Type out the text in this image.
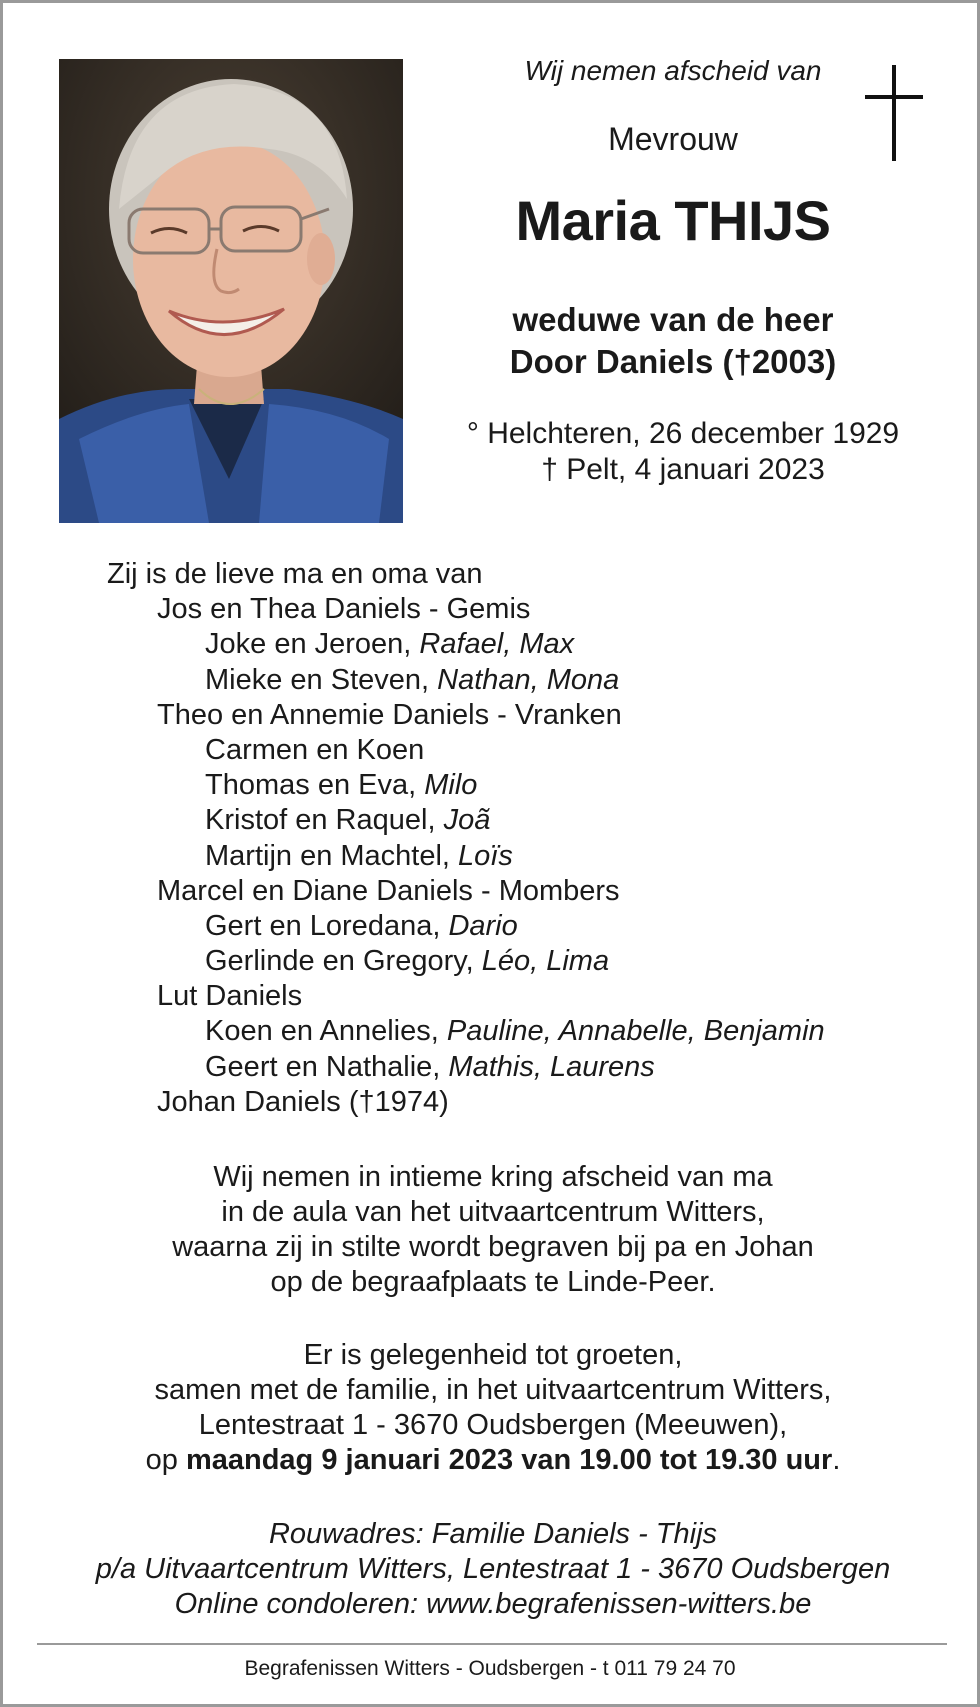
Wij nemen afscheid van
Mevrouw
Maria THIJS
weduwe van de heer
Door Daniels (†2003)
° Helchteren, 26 december 1929
† Pelt, 4 januari 2023
Zij is de lieve ma en oma van
Jos en Thea Daniels - Gemis
Joke en Jeroen, Rafael, Max
Mieke en Steven, Nathan, Mona
Theo en Annemie Daniels - Vranken
Carmen en Koen
Thomas en Eva, Milo
Kristof en Raquel, Joã
Martijn en Machtel, Loïs
Marcel en Diane Daniels - Mombers
Gert en Loredana, Dario
Gerlinde en Gregory, Léo, Lima
Lut Daniels
Koen en Annelies, Pauline, Annabelle, Benjamin
Geert en Nathalie, Mathis, Laurens
Johan Daniels (†1974)
Wij nemen in intieme kring afscheid van ma
in de aula van het uitvaartcentrum Witters,
waarna zij in stilte wordt begraven bij pa en Johan
op de begraafplaats te Linde-Peer.
Er is gelegenheid tot groeten,
samen met de familie, in het uitvaartcentrum Witters,
Lentestraat 1 - 3670 Oudsbergen (Meeuwen),
op maandag 9 januari 2023 van 19.00 tot 19.30 uur.
Rouwadres: Familie Daniels - Thijs
p/a Uitvaartcentrum Witters, Lentestraat 1 - 3670 Oudsbergen
Online condoleren: www.begrafenissen-witters.be
Begrafenissen Witters - Oudsbergen - t 011 79 24 70
